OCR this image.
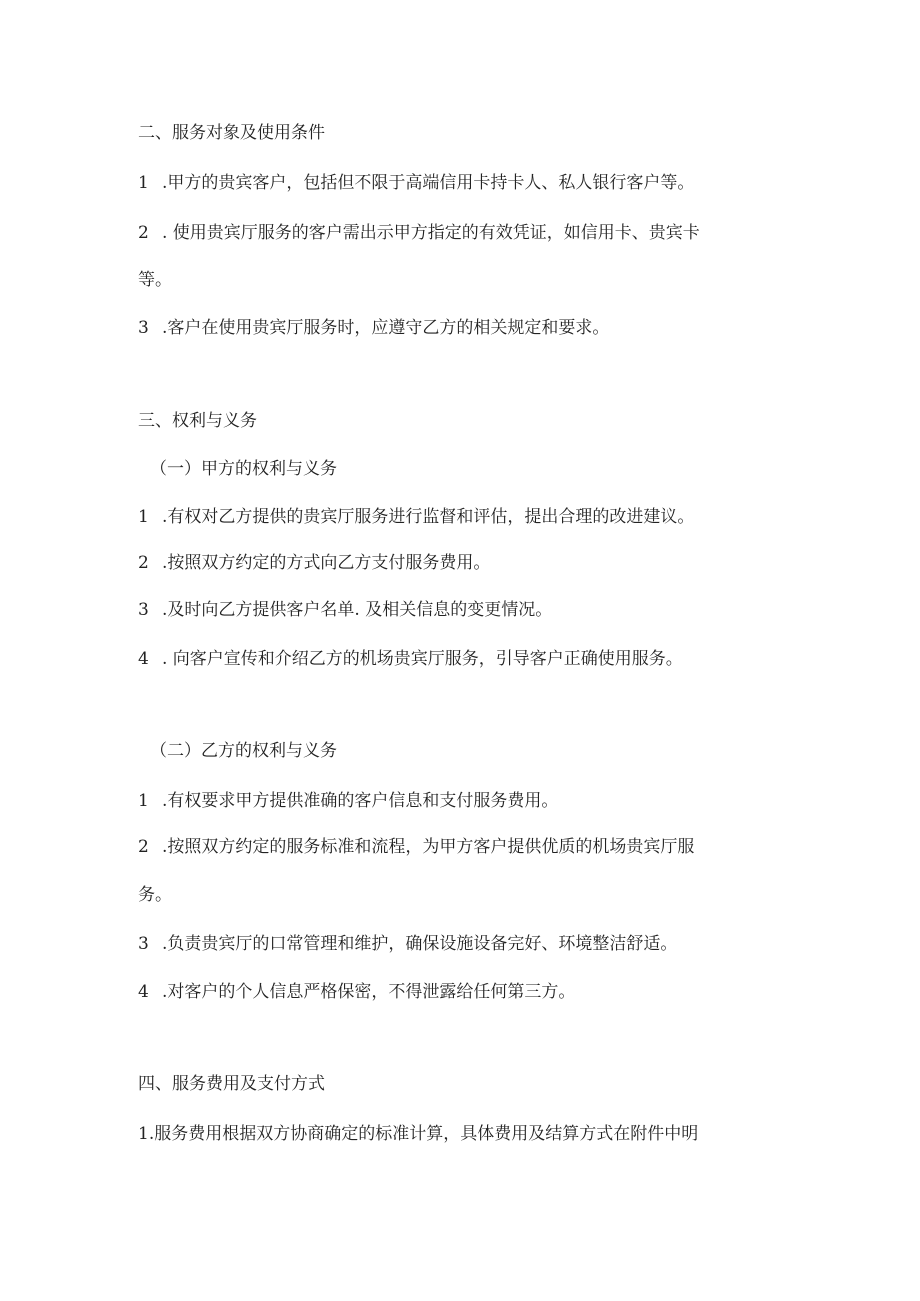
二、服务对象及使用条件

1 .甲方的贵宾客户，包括但不限于高端信用卡持卡人、私人银行客户等。

2 . 使用贵宾厅服务的客户需出示甲方指定的有效凭证，如信用卡、贵宾卡

等。

3 .客户在使用贵宾厅服务时，应遵守乙方的相关规定和要求。

三、权利与义务

（一）甲方的权利与义务

1 .有权对乙方提供的贵宾厅服务进行监督和评估，提出合理的改进建议。

2 .按照双方约定的方式向乙方支付服务费用。

3 .及时向乙方提供客户名单. 及相关信息的变更情况。

4 . 向客户宣传和介绍乙方的机场贵宾厅服务，引导客户正确使用服务。

（二）乙方的权利与义务

1 .有权要求甲方提供准确的客户信息和支付服务费用。

2 .按照双方约定的服务标准和流程，为甲方客户提供优质的机场贵宾厅服

务。

3 .负责贵宾厅的口常管理和维护，确保设施设备完好、环境整洁舒适。

4 .对客户的个人信息严格保密，不得泄露给任何第三方。

四、服务费用及支付方式

1.服务费用根据双方协商确定的标准计算，具体费用及结算方式在附件中明
